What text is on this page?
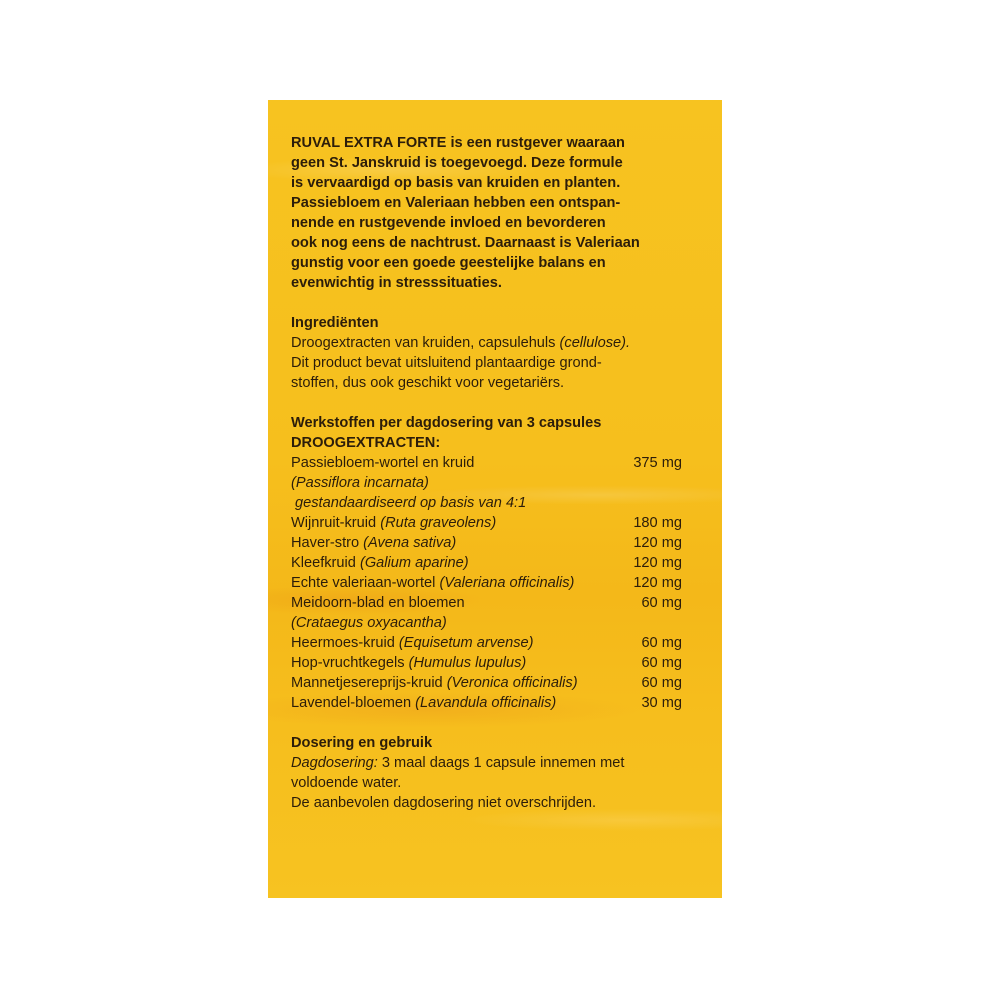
RUVAL EXTRA FORTE is een rustgever waaraan
geen St. Janskruid is toegevoegd. Deze formule
is vervaardigd op basis van kruiden en planten.
Passiebloem en Valeriaan hebben een ontspan-
nende en rustgevende invloed en bevorderen
ook nog eens de nachtrust. Daarnaast is Valeriaan
gunstig voor een goede geestelijke balans en
evenwichtig in stresssituaties.

Ingrediënten

Droogextracten van kruiden, capsulehuls (cellulose).

Dit product bevat uitsluitend plantaardige grond-
stoffen, dus ook geschikt voor vegetariërs.

Werkstoffen per dagdosering van 3 capsules

DROOGEXTRACTEN:

Passiebloem-wortel en kruid	375 mg
(Passiflora incarnata)
gestandaardiseerd op basis van 4:1
Wijnruit-kruid (Ruta graveolens)	180 mg
Haver-stro (Avena sativa)	120 mg
Kleefkruid (Galium aparine)	120 mg
Echte valeriaan-wortel (Valeriana officinalis)	120 mg
Meidoorn-blad en bloemen	60 mg
(Crataegus oxyacantha)
Heermoes-kruid (Equisetum arvense)	60 mg
Hop-vruchtkegels (Humulus lupulus)	60 mg
Mannetjesereprijs-kruid (Veronica officinalis)	60 mg
Lavendel-bloemen (Lavandula officinalis)	30 mg

Dosering en gebruik

Dagdosering: 3 maal daags 1 capsule innemen met

voldoende water.
De aanbevolen dagdosering niet overschrijden.
